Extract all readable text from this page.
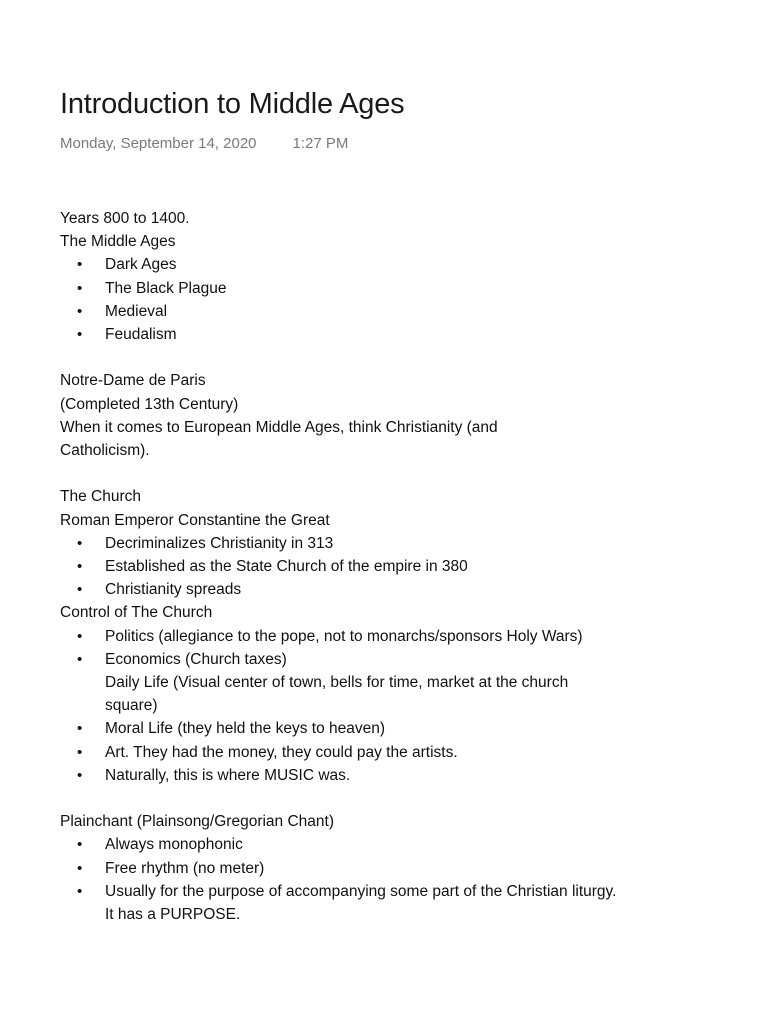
Introduction to Middle Ages
Monday, September 14, 2020 1:27 PM

Years 800 to 1400.

The Middle Ages

• Dark Ages
• The Black Plague
• Medieval
• Feudalism

Notre-Dame de Paris

(Completed 13th Century)

When it comes to European Middle Ages, think Christianity (and

Catholicism).

The Church

Roman Emperor Constantine the Great

• Decriminalizes Christianity in 313
• Established as the State Church of the empire in 380
• Christianity spreads

Control of The Church

• Politics (allegiance to the pope, not to monarchs/sponsors Holy Wars)
• Economics (Church taxes)
Daily Life (Visual center of town, bells for time, market at the church square)
• Moral Life (they held the keys to heaven)
• Art. They had the money, they could pay the artists.
• Naturally, this is where MUSIC was.

Plainchant (Plainsong/Gregorian Chant)

• Always monophonic
• Free rhythm (no meter)
• Usually for the purpose of accompanying some part of the Christian liturgy. It has a PURPOSE.
